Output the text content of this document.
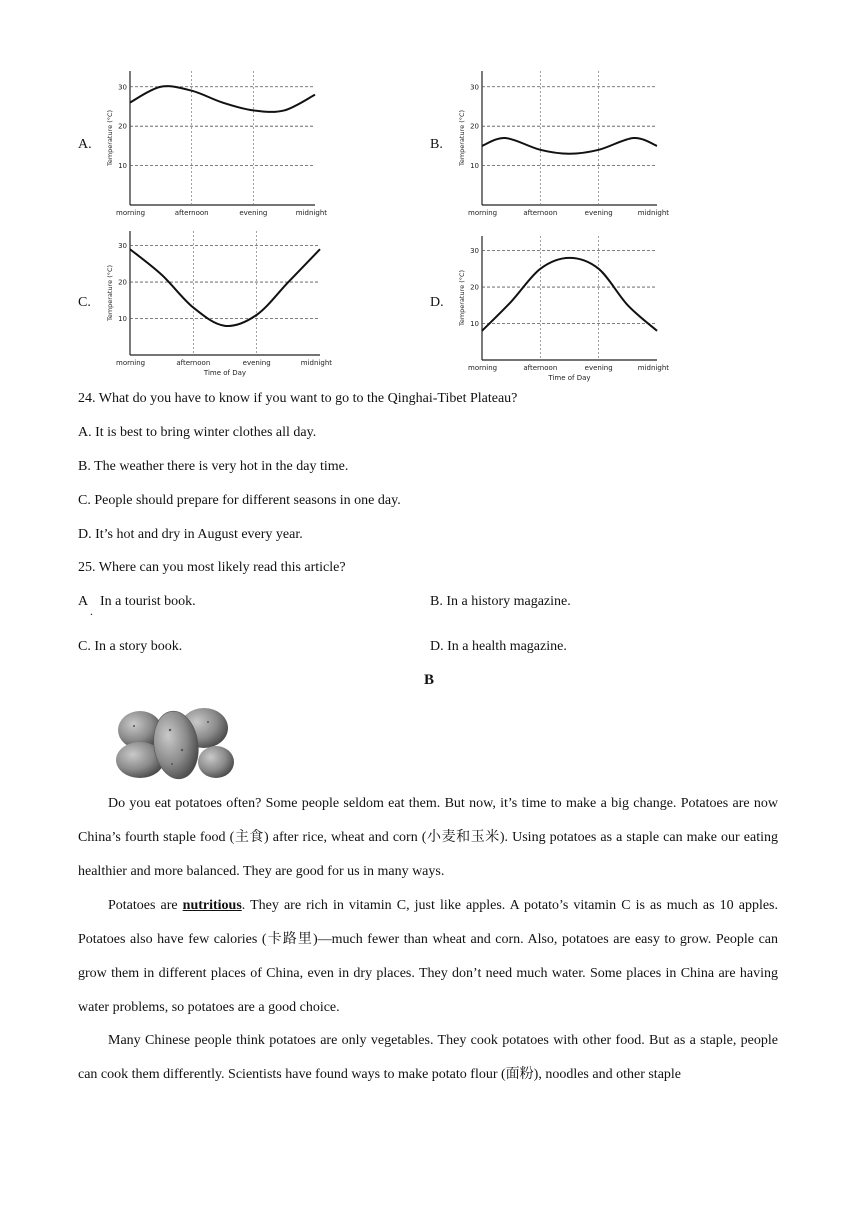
A.	B.
C.	D.
10
20
30
morning	afternoon	evening	midnight
Temperature (°C)
10
20
30
morning	afternoon	evening	midnight
Temperature (°C)
10
20
30
morning	afternoon	evening	midnight
Temperature (°C)
Time of Day
10
20
30
morning	afternoon	evening	midnight
Temperature (°C)
Time of Day
24. What do you have to know if you want to go to the Qinghai-Tibet Plateau?
A. It is best to bring winter clothes all day.
B. The weather there is very hot in the day time.
C. People should prepare for different seasons in one day.
D. It’s hot and dry in August every year.
25. Where can you most likely read this article?
A
.
In a tourist book.	B. In a history magazine.
C. In a story book.	D. In a health magazine.
B
Do you eat potatoes often? Some people seldom eat them. But now, it’s time to make a big change. Potatoes are now China’s fourth staple food (主食) after rice, wheat and corn (小麦和玉米). Using potatoes as a staple can make our eating healthier and more balanced. They are good for us in many ways.
Potatoes are nutritious. They are rich in vitamin C, just like apples. A potato’s vitamin C is as much as 10 apples. Potatoes also have few calories (卡路里)—much fewer than wheat and corn. Also, potatoes are easy to grow. People can grow them in different places of China, even in dry places. They don’t need much water. Some places in China are having water problems, so potatoes are a good choice.
Many Chinese people think potatoes are only vegetables. They cook potatoes with other food. But as a staple, people can cook them differently. Scientists have found ways to make potato flour (面粉), noodles and other staple
